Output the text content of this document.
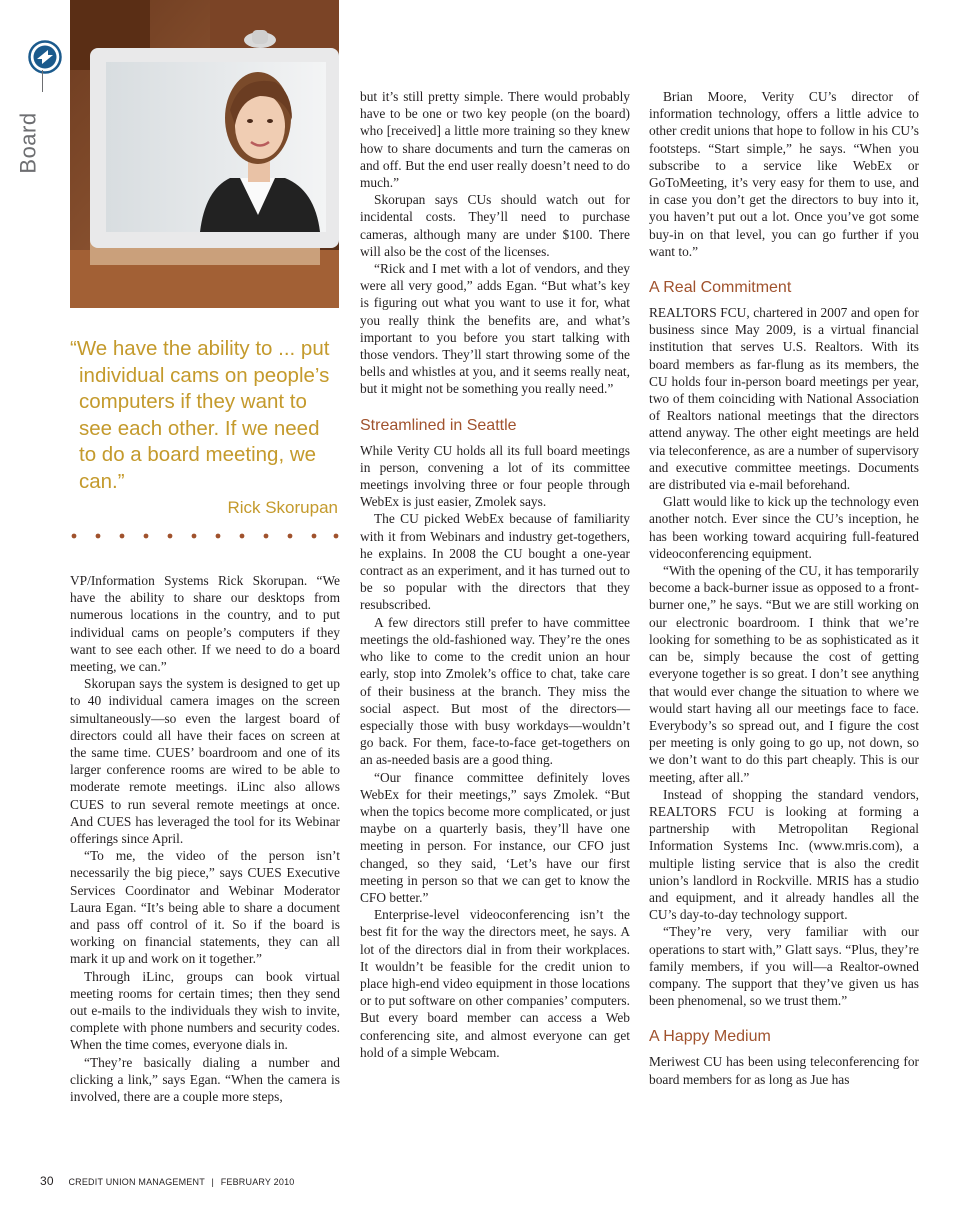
Board

“We have the ability to ... put individual cams on people’s computers if they want to see each other. If we need to do a board meeting, we can.”

Rick Skorupan

VP/Information Systems Rick Skorupan. “We have the ability to share our desktops from numerous locations in the country, and to put individual cams on people’s computers if they want to see each other. If we need to do a board meeting, we can.”

Skorupan says the system is designed to get up to 40 individual camera images on the screen simultaneously—so even the largest board of directors could all have their faces on screen at the same time. CUES’ boardroom and one of its larger conference rooms are wired to be able to moderate remote meetings. iLinc also allows CUES to run several remote meetings at once. And CUES has leveraged the tool for its Webinar offerings since April.

“To me, the video of the person isn’t necessarily the big piece,” says CUES Executive Services Coordinator and Webinar Moderator Laura Egan. “It’s being able to share a document and pass off control of it. So if the board is working on financial statements, they can all mark it up and work on it together.”

Through iLinc, groups can book virtual meeting rooms for certain times; then they send out e-mails to the individuals they wish to invite, complete with phone numbers and security codes. When the time comes, everyone dials in.

“They’re basically dialing a number and clicking a link,” says Egan. “When the camera is involved, there are a couple more steps,

but it’s still pretty simple. There would probably have to be one or two key people (on the board) who [received] a little more training so they knew how to share documents and turn the cameras on and off. But the end user really doesn’t need to do much.”

Skorupan says CUs should watch out for incidental costs. They’ll need to purchase cameras, although many are under $100. There will also be the cost of the licenses.

“Rick and I met with a lot of vendors, and they were all very good,” adds Egan. “But what’s key is figuring out what you want to use it for, what you really think the benefits are, and what’s important to you before you start talking with those vendors. They’ll start throwing some of the bells and whistles at you, and it seems really neat, but it might not be something you really need.”

Streamlined in Seattle

While Verity CU holds all its full board meetings in person, convening a lot of its committee meetings involving three or four people through WebEx is just easier, Zmolek says.

The CU picked WebEx because of familiarity with it from Webinars and industry get-togethers, he explains. In 2008 the CU bought a one-year contract as an experiment, and it has turned out to be so popular with the directors that they resubscribed.

A few directors still prefer to have committee meetings the old-fashioned way. They’re the ones who like to come to the credit union an hour early, stop into Zmolek’s office to chat, take care of their business at the branch. They miss the social aspect. But most of the directors—especially those with busy workdays—wouldn’t go back. For them, face-to-face get-togethers on an as-needed basis are a good thing.

“Our finance committee definitely loves WebEx for their meetings,” says Zmolek. “But when the topics become more complicated, or just maybe on a quarterly basis, they’ll have one meeting in person. For instance, our CFO just changed, so they said, ‘Let’s have our first meeting in person so that we can get to know the CFO better.”

Enterprise-level videoconferencing isn’t the best fit for the way the directors meet, he says. A lot of the directors dial in from their workplaces. It wouldn’t be feasible for the credit union to place high-end video equipment in those locations or to put software on other companies’ computers. But every board member can access a Web conferencing site, and almost everyone can get hold of a simple Webcam.

Brian Moore, Verity CU’s director of information technology, offers a little advice to other credit unions that hope to follow in his CU’s footsteps. “Start simple,” he says. “When you subscribe to a service like WebEx or GoToMeeting, it’s very easy for them to use, and in case you don’t get the directors to buy into it, you haven’t put out a lot. Once you’ve got some buy-in on that level, you can go further if you want to.”

A Real Commitment

REALTORS FCU, chartered in 2007 and open for business since May 2009, is a virtual financial institution that serves U.S. Realtors. With its board members as far-flung as its members, the CU holds four in-person board meetings per year, two of them coinciding with National Association of Realtors national meetings that the directors attend anyway. The other eight meetings are held via teleconference, as are a number of supervisory and executive committee meetings. Documents are distributed via e-mail beforehand.

Glatt would like to kick up the technology even another notch. Ever since the CU’s inception, he has been working toward acquiring full-featured videoconferencing equipment.

“With the opening of the CU, it has temporarily become a back-burner issue as opposed to a front-burner one,” he says. “But we are still working on our electronic boardroom. I think that we’re looking for something to be as sophisticated as it can be, simply because the cost of getting everyone together is so great. I don’t see anything that would ever change the situation to where we would start having all our meetings face to face. Everybody’s so spread out, and I figure the cost per meeting is only going to go up, not down, so we don’t want to do this part cheaply. This is our meeting, after all.”

Instead of shopping the standard vendors, REALTORS FCU is looking at forming a partnership with Metropolitan Regional Information Systems Inc. (www.mris.com), a multiple listing service that is also the credit union’s landlord in Rockville. MRIS has a studio and equipment, and it already handles all the CU’s day-to-day technology support.

“They’re very, very familiar with our operations to start with,” Glatt says. “Plus, they’re family members, if you will—a Realtor-owned company. The support that they’ve given us has been phenomenal, so we trust them.”

A Happy Medium

Meriwest CU has been using teleconferencing for board members for as long as Jue has

30 CREDIT UNION MANAGEMENT | FEBRUARY 2010
